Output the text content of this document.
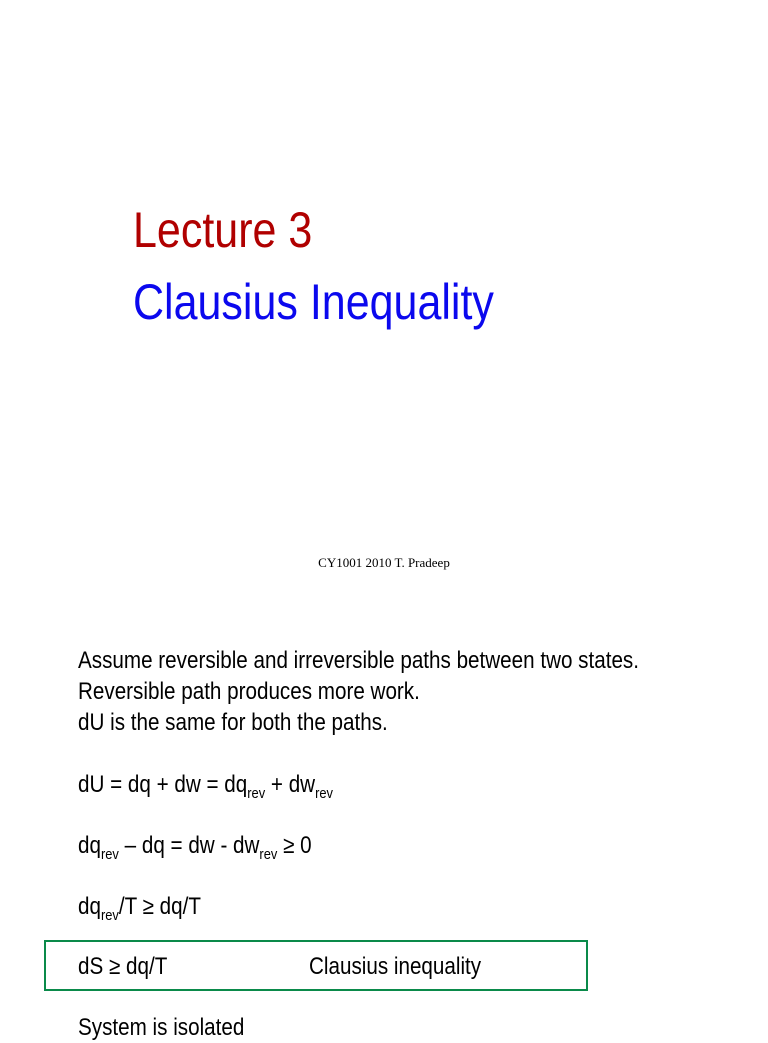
Lecture 3
Clausius Inequality
CY1001 2010 T. Pradeep
Assume reversible and irreversible paths between two states.
Reversible path produces more work.
dU is the same for both the paths.
dU = dq + dw = $dq_{rev} + dw_{rev}$
$dq_{rev}$ – dq = dw - $dw_{rev} \ge 0$
$dq_{rev}/T \ge dq/T$
dS ≥ dq/T	Clausius inequality
System is isolated
